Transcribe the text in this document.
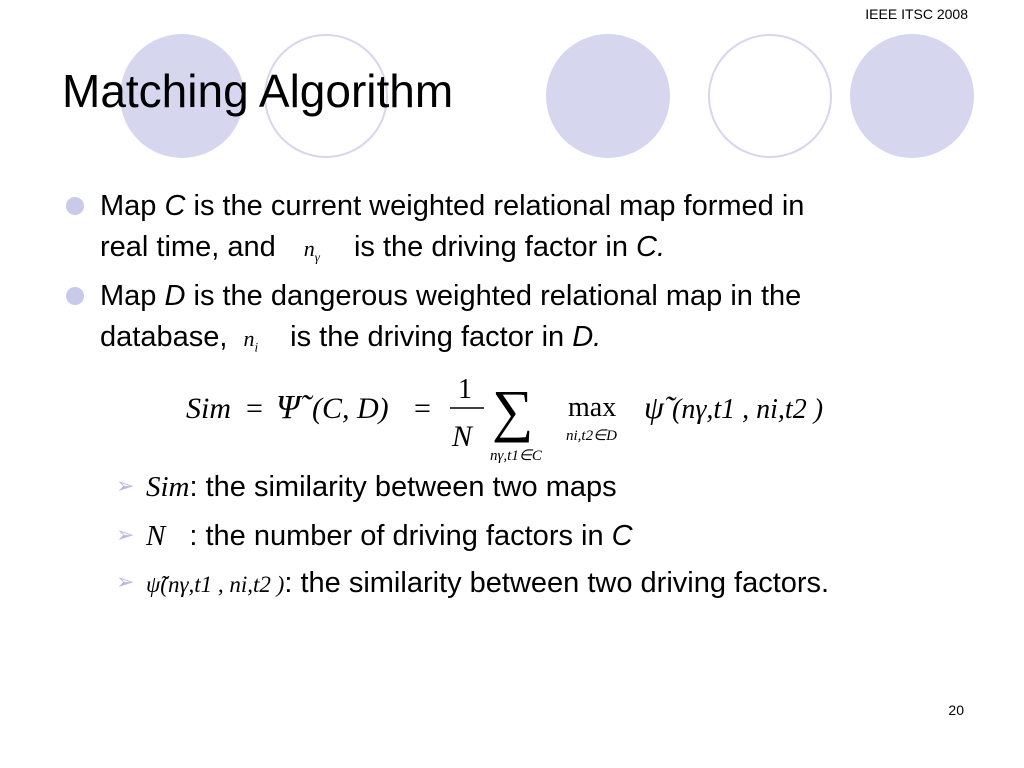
IEEE ITSC 2008
Matching Algorithm
Map C is the current weighted relational map formed in
real time, and $n_\gamma$ is the driving factor in C.
Map D is the dangerous weighted relational map in the
database, $n_i$ is the driving factor in D.
Sim = Ψ̃ (C, D) =
1
N ∑
nγ,t1∈C
max
ni,t2∈D
ψ̃ (nγ,t1 , ni,t2 )
➢ Sim: the similarity between two maps
➢ N : the number of driving factors in C
➢ ψ̃(nγ,t1 , ni,t2 ): the similarity between two driving factors.
20
